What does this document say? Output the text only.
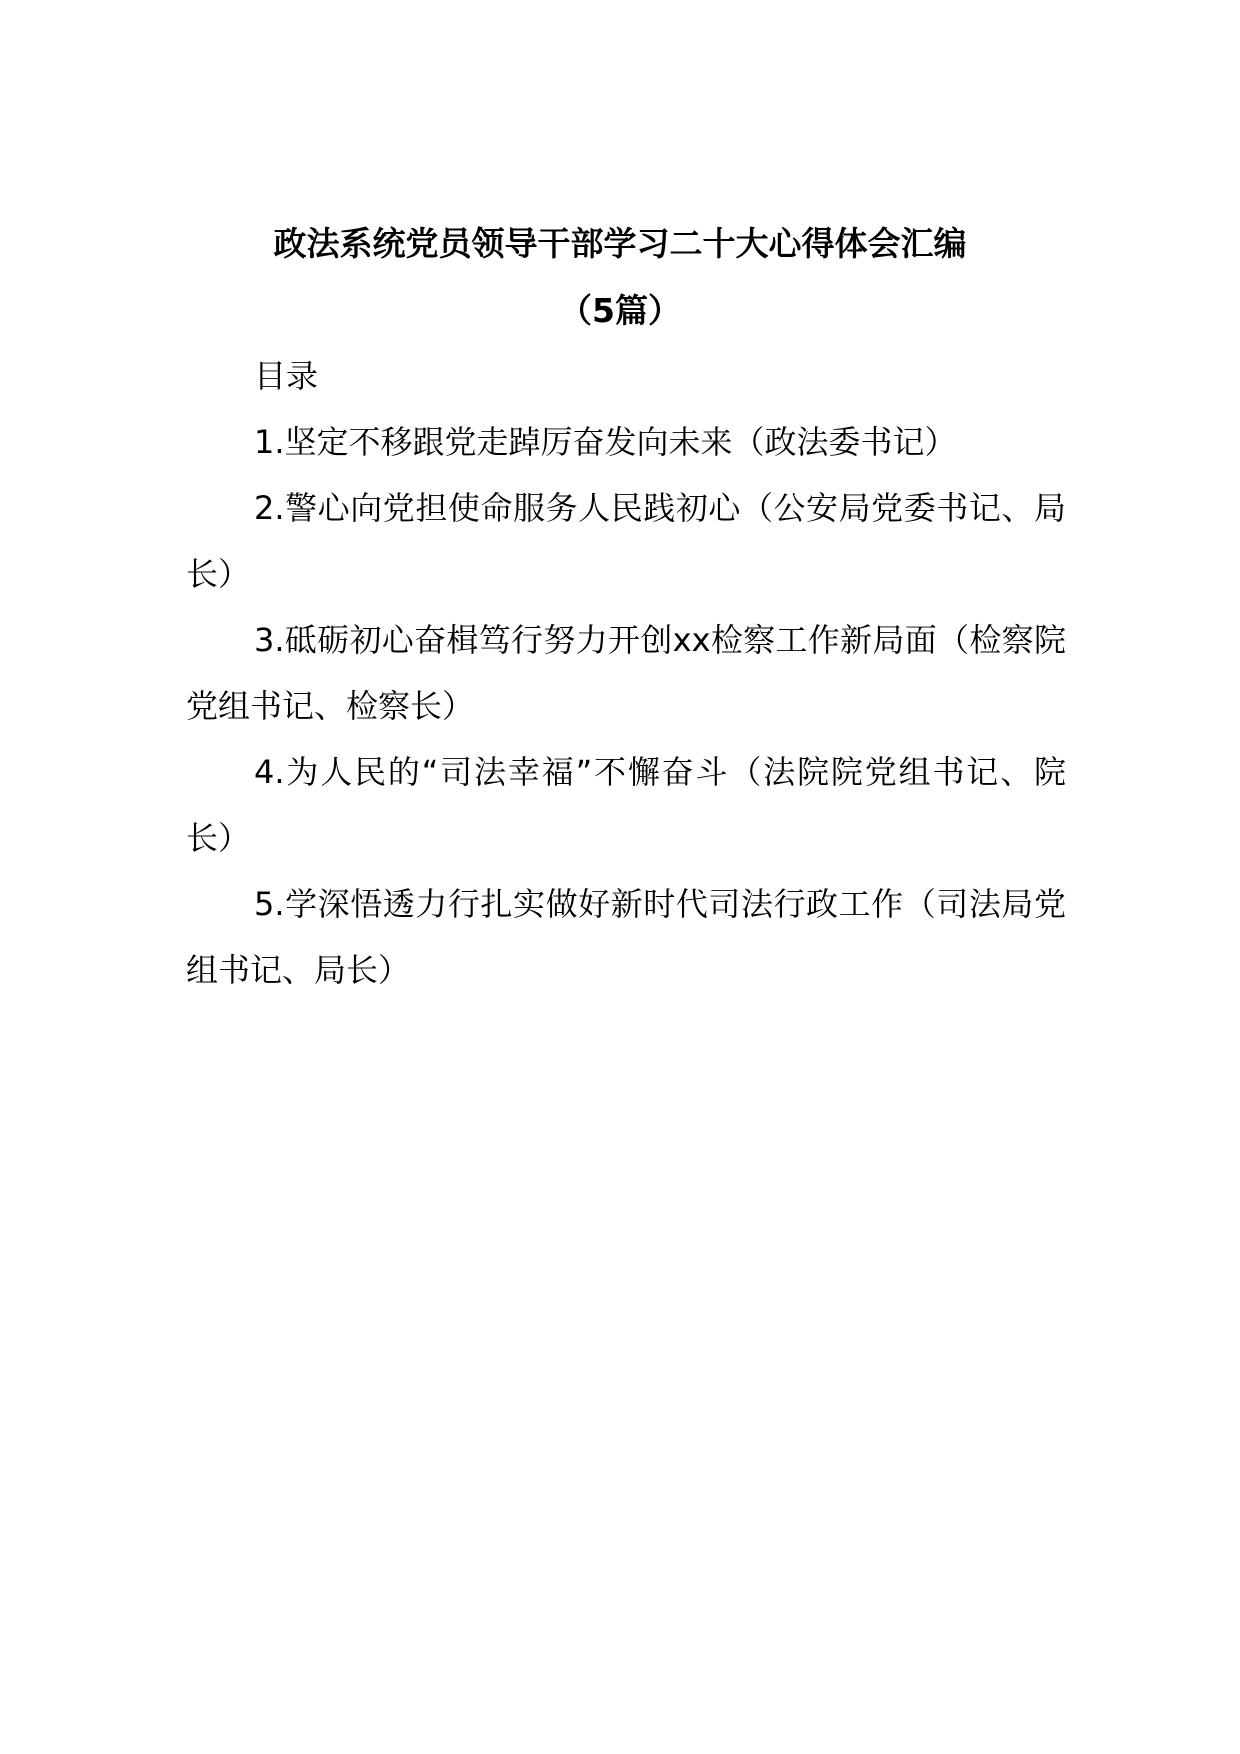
政法系统党员领导干部学习二十大心得体会汇编
（5篇）

目录

1.坚定不移跟党走踔厉奋发向未来（政法委书记）

2.警心向党担使命服务人民践初心（公安局党委书记、局长）

3.砥砺初心奋楫笃行努力开创xx检察工作新局面（检察院党组书记、检察长）

4.为人民的“司法幸福”不懈奋斗（法院院党组书记、院长）

5.学深悟透力行扎实做好新时代司法行政工作（司法局党组书记、局长）
